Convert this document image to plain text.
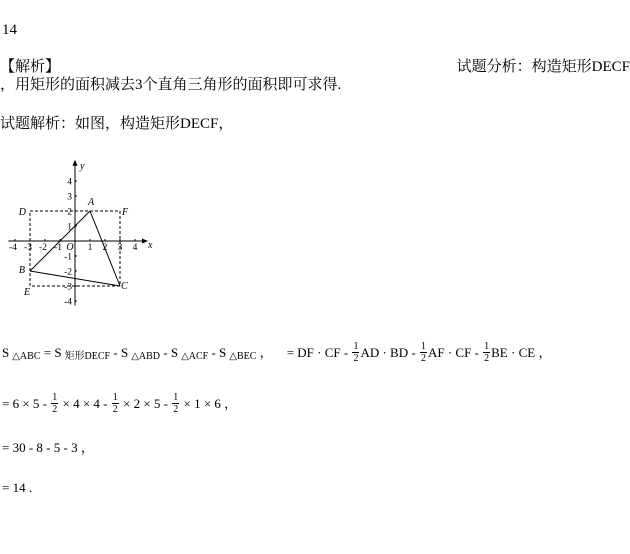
14
【解析】	试题分析：构造矩形DECF
，用矩形的面积减去3个直角三角形的面积即可求得.
试题解析：如图，构造矩形DECF，
x
y
O
-4 -3 -2 -1	1 2 3 4
4
3
2
1
-1
-2
-3
-4
D
A
F
B
C
E
S △ABC = S 矩形DECF - S △ABD - S △ACF - S △BEC ， = DF · CF - $\frac{1}{2}$ AD · BD - $\frac{1}{2}$ AF · CF - $\frac{1}{2}$ BE · CE ，
= $6 \times 5 - \frac{1}{2} \times 4 \times 4 - \frac{1}{2} \times 2 \times 5 - \frac{1}{2} \times 1 \times 6$ ，
= 30 - 8 - 5 - 3 ，
= 14 .
